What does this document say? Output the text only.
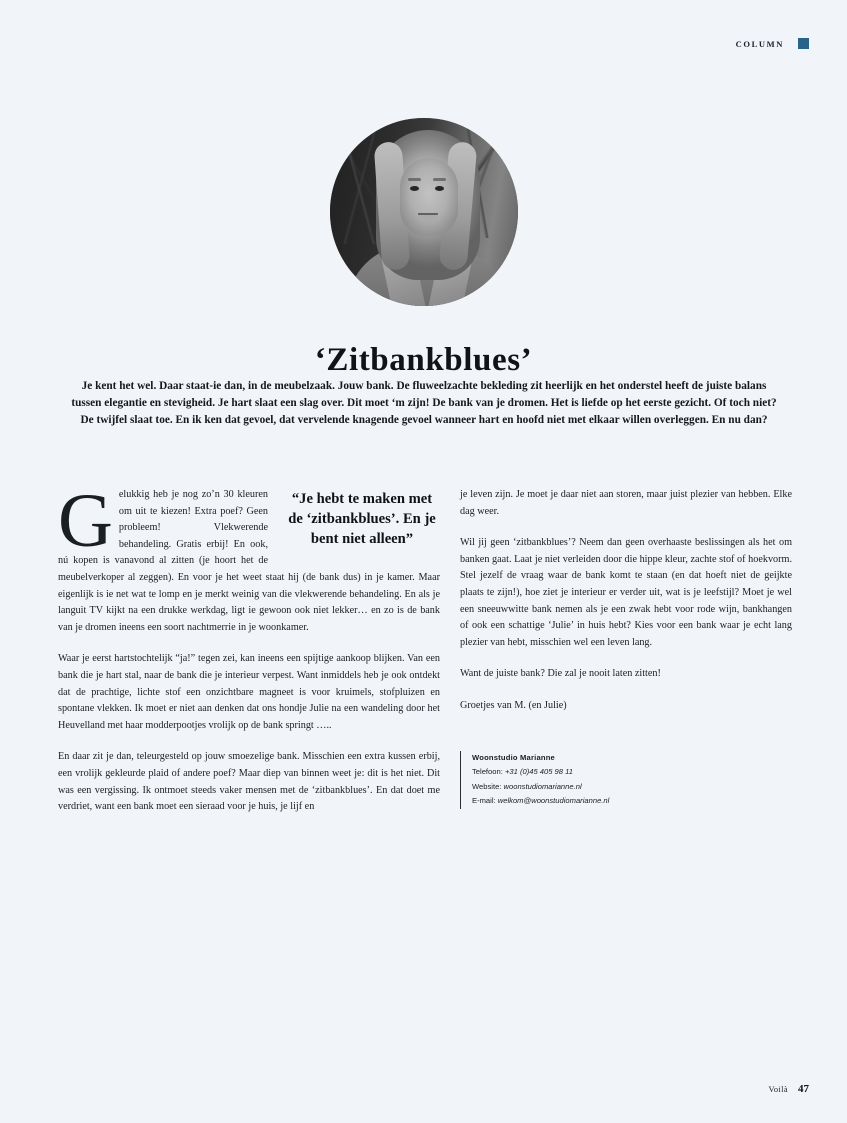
COLUMN
‘Zitbankblues’
Je kent het wel. Daar staat-ie dan, in de meubelzaak. Jouw bank. De fluweelzachte bekleding zit heerlijk en het onderstel heeft de juiste balans tussen elegantie en stevigheid. Je hart slaat een slag over. Dit moet ‘m zijn! De bank van je dromen. Het is liefde op het eerste gezicht. Of toch niet? De twijfel slaat toe. En ik ken dat gevoel, dat vervelende knagende gevoel wanneer hart en hoofd niet met elkaar willen overleggen. En nu dan?

G	“Je hebt te maken met de ‘zitbankblues’. En je bent niet alleen”
elukkig heb je nog zo’n 30 kleuren om uit te kiezen! Extra poef? Geen probleem! Vlekwerende behandeling. Gratis erbij! En ook, nú kopen is vanavond al zitten (je hoort het de meubelverkoper al zeggen). En voor je het weet staat hij (de bank dus) in je kamer. Maar eigenlijk is ie net wat te lomp en je merkt weinig van die vlekwerende behandeling. En als je languit TV kijkt na een drukke werkdag, ligt ie gewoon ook niet lekker… en zo is de bank van je dromen ineens een soort nachtmerrie in je woonkamer.

Waar je eerst hartstochtelijk “ja!” tegen zei, kan ineens een spijtige aankoop blijken. Van een bank die je hart stal, naar de bank die je interieur verpest. Want inmiddels heb je ook ontdekt dat de prachtige, lichte stof een onzichtbare magneet is voor kruimels, stofpluizen en spontane vlekken. Ik moet er niet aan denken dat ons hondje Julie na een wandeling door het Heuvelland met haar modderpootjes vrolijk op de bank springt …..

En daar zit je dan, teleurgesteld op jouw smoezelige bank. Misschien een extra kussen erbij, een vrolijk gekleurde plaid of andere poef? Maar diep van binnen weet je: dit is het niet. Dit was een vergissing. Ik ontmoet steeds vaker mensen met de ‘zitbankblues’. En dat doet me verdriet, want een bank moet een sieraad voor je huis, je lijf en

je leven zijn. Je moet je daar niet aan storen, maar juist plezier van hebben. Elke dag weer.

Wil jij geen ‘zitbankblues’? Neem dan geen overhaaste beslissingen als het om banken gaat. Laat je niet verleiden door die hippe kleur, zachte stof of hoekvorm. Stel jezelf de vraag waar de bank komt te staan (en dat hoeft niet de geijkte plaats te zijn!), hoe ziet je interieur er verder uit, wat is je leefstijl? Moet je wel een sneeuwwitte bank nemen als je een zwak hebt voor rode wijn, bankhangen of ook een schattige ‘Julie’ in huis hebt? Kies voor een bank waar je echt lang plezier van hebt, misschien wel een leven lang.

Want de juiste bank? Die zal je nooit laten zitten!

Groetjes van M. (en Julie)

Woonstudio Marianne
Telefoon: +31 (0)45 405 98 11
Website: woonstudiomarianne.nl
E-mail: welkom@woonstudiomarianne.nl
Voilà 47
